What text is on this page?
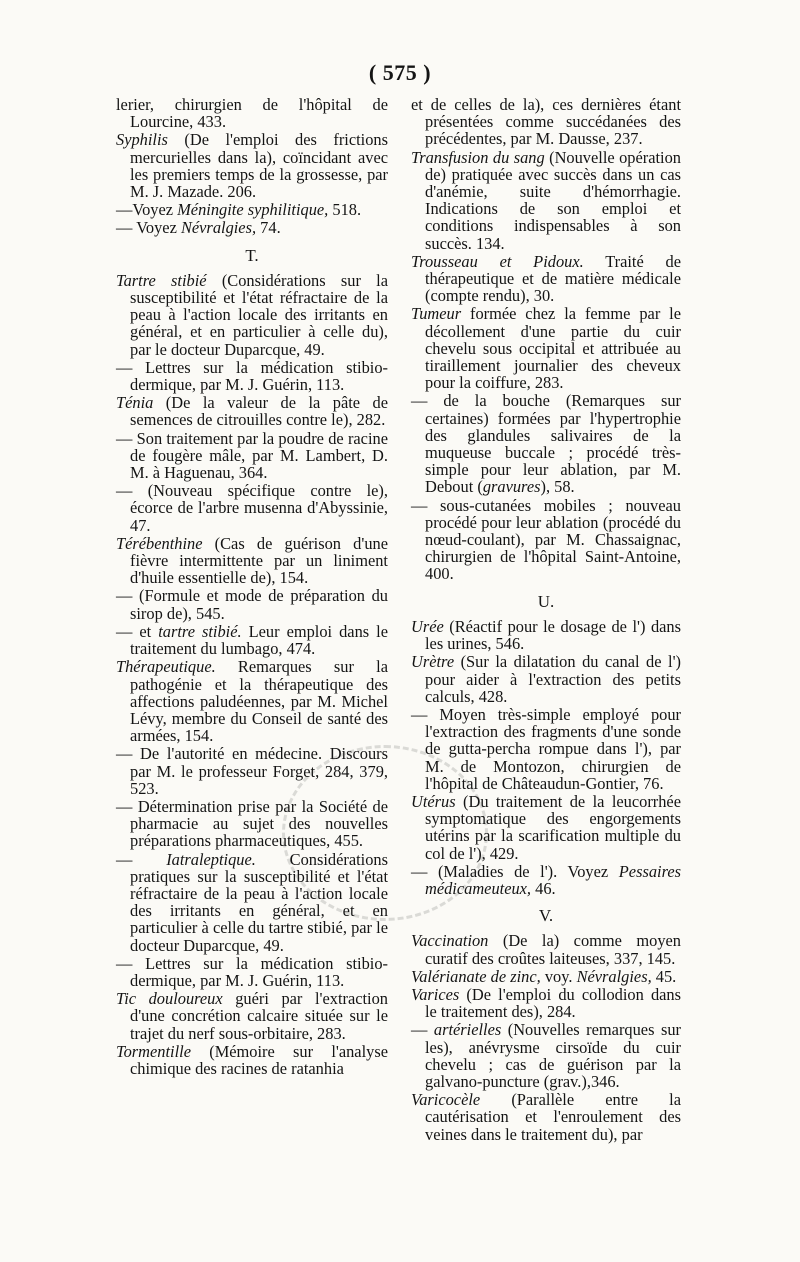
( 575 )
lerier, chirurgien de l'hôpital de Lourcine, 433.
Syphilis (De l'emploi des frictions mercurielles dans la), coïncidant avec les premiers temps de la grossesse, par M. J. Mazade. 206.
—Voyez Méningite syphilitique, 518.
— Voyez Névralgies, 74.
T.
Tartre stibié (Considérations sur la susceptibilité et l'état réfractaire de la peau à l'action locale des irritants en général, et en particulier à celle du), par le docteur Duparcque, 49.
— Lettres sur la médication stibio-dermique, par M. J. Guérin, 113.
Ténia (De la valeur de la pâte de semences de citrouilles contre le), 282.
— Son traitement par la poudre de racine de fougère mâle, par M. Lambert, D. M. à Haguenau, 364.
— (Nouveau spécifique contre le), écorce de l'arbre musenna d'Abyssinie, 47.
Térébenthine (Cas de guérison d'une fièvre intermittente par un liniment d'huile essentielle de), 154.
— (Formule et mode de préparation du sirop de), 545.
— et tartre stibié. Leur emploi dans le traitement du lumbago, 474.
Thérapeutique. Remarques sur la pathogénie et la thérapeutique des affections paludéennes, par M. Michel Lévy, membre du Conseil de santé des armées, 154.
— De l'autorité en médecine. Discours par M. le professeur Forget, 284, 379, 523.
— Détermination prise par la Société de pharmacie au sujet des nouvelles préparations pharmaceutiques, 455.
— Iatraleptique. Considérations pratiques sur la susceptibilité et l'état réfractaire de la peau à l'action locale des irritants en général, et en particulier à celle du tartre stibié, par le docteur Duparcque, 49.
— Lettres sur la médication stibio-dermique, par M. J. Guérin, 113.
Tic douloureux guéri par l'extraction d'une concrétion calcaire située sur le trajet du nerf sous-orbitaire, 283.
Tormentille (Mémoire sur l'analyse chimique des racines de ratanhia
et de celles de la), ces dernières étant présentées comme succédanées des précédentes, par M. Dausse, 237.
Transfusion du sang (Nouvelle opération de) pratiquée avec succès dans un cas d'anémie, suite d'hémorrhagie. Indications de son emploi et conditions indispensables à son succès. 134.
Trousseau et Pidoux. Traité de thérapeutique et de matière médicale (compte rendu), 30.
Tumeur formée chez la femme par le décollement d'une partie du cuir chevelu sous occipital et attribuée au tiraillement journalier des cheveux pour la coiffure, 283.
— de la bouche (Remarques sur certaines) formées par l'hypertrophie des glandules salivaires de la muqueuse buccale ; procédé très-simple pour leur ablation, par M. Debout (gravures), 58.
— sous-cutanées mobiles ; nouveau procédé pour leur ablation (procédé du nœud-coulant), par M. Chassaignac, chirurgien de l'hôpital Saint-Antoine, 400.
U.
Urée (Réactif pour le dosage de l') dans les urines, 546.
Urètre (Sur la dilatation du canal de l') pour aider à l'extraction des petits calculs, 428.
— Moyen très-simple employé pour l'extraction des fragments d'une sonde de gutta-percha rompue dans l'), par M. de Montozon, chirurgien de l'hôpital de Châteaudun-Gontier, 76.
Utérus (Du traitement de la leucorrhée symptomatique des engorgements utérins par la scarification multiple du col de l'), 429.
— (Maladies de l'). Voyez Pessaires médicameuteux, 46.
V.
Vaccination (De la) comme moyen curatif des croûtes laiteuses, 337, 145.
Valérianate de zinc, voy. Névralgies, 45.
Varices (De l'emploi du collodion dans le traitement des), 284.
— artérielles (Nouvelles remarques sur les), anévrysme cirsoïde du cuir chevelu ; cas de guérison par la galvano-puncture (grav.),346.
Varicocèle (Parallèle entre la cautérisation et l'enroulement des veines dans le traitement du), par
